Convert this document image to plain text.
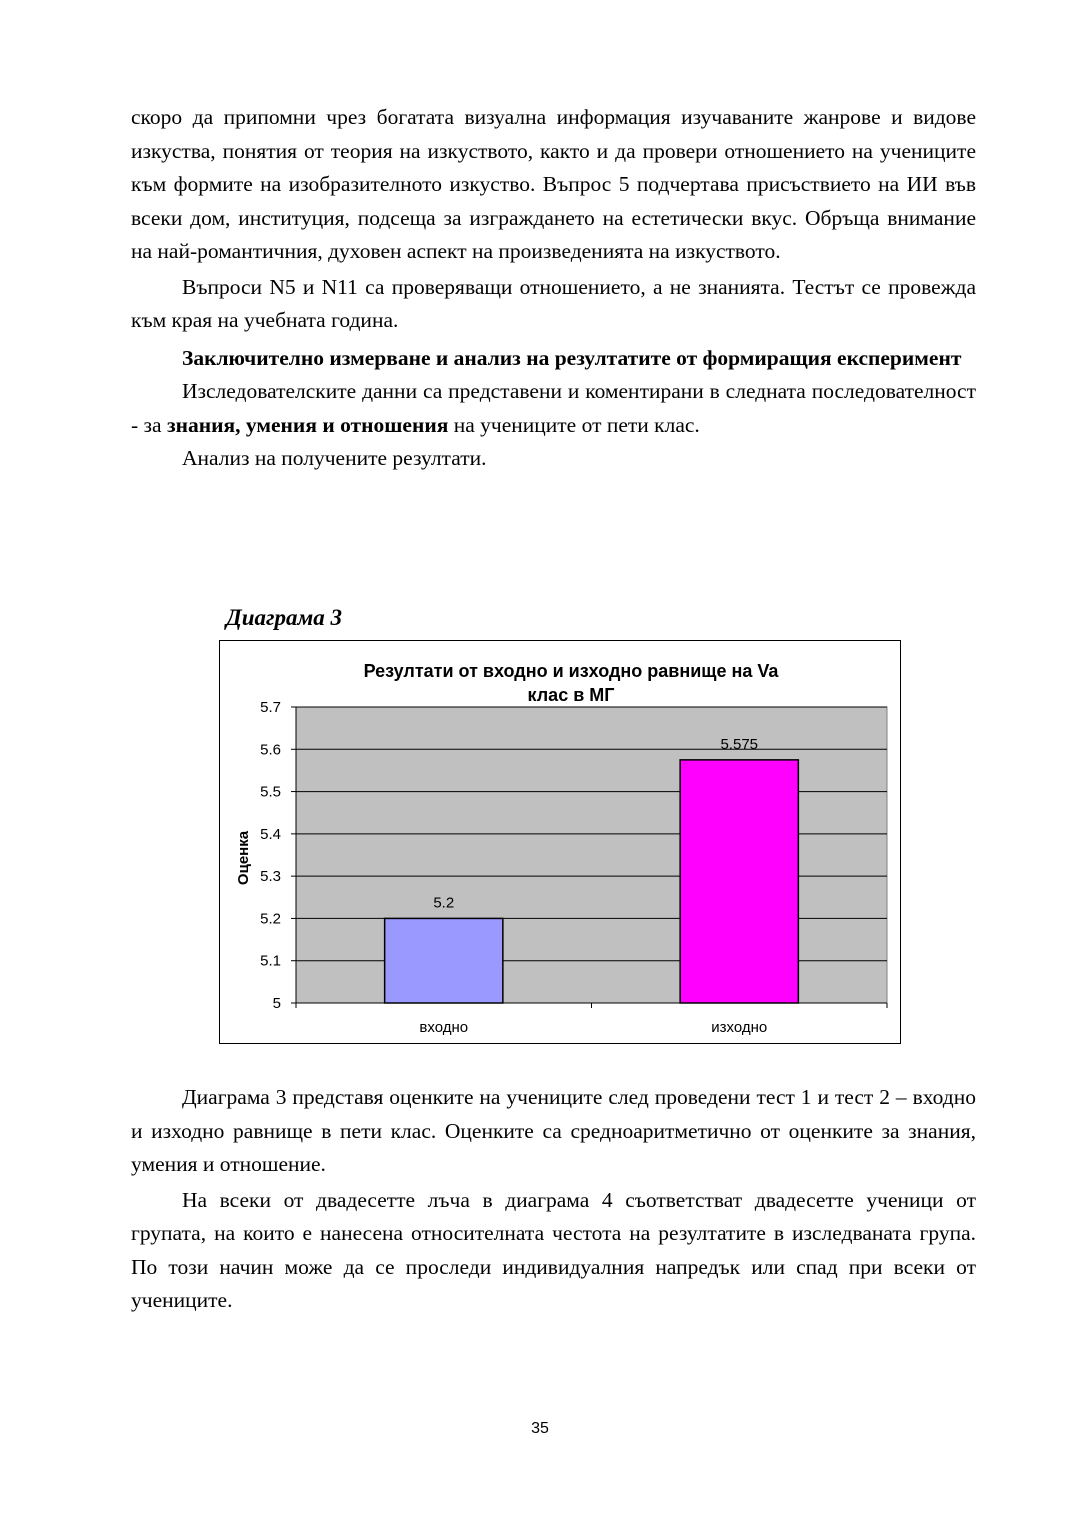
скоро да припомни чрез богатата визуална информация изучаваните жанрове и видове изкуства, понятия от теория на изкуството, както и да провери отношението на учениците към формите на изобразителното изкуство. Въпрос 5 подчертава присъствието на ИИ във всеки дом, институция, подсеща за изграждането на естетически вкус. Обръща внимание на най-романтичния, духовен аспект на произведенията на изкуството.

Въпроси N5 и N11 са проверяващи отношението, а не знанията. Тестът се провежда към края на учебната година.

Заключително измерване и анализ на резултатите от формиращия експеримент

Изследователските данни са представени и коментирани в следната последователност - за знания, умения и отношения на учениците от пети клас.

Анализ на получените резултати.

Диаграма 3

Резултати от входно и изходно равнище на Va
клас в МГ
5
5.1
5.2
5.3
5.4
5.5
5.6
5.7
5.2
входно
5.575
изходно
Оценка

Диаграма 3 представя оценките на учениците след проведени тест 1 и тест 2 – входно и изходно равнище в пети клас. Оценките са средноаритметично от оценките за знания, умения и отношение.

На всеки от двадесетте лъча в диаграма 4 съответстват двадесетте ученици от групата, на които е нанесена относителната честота на резултатите в изследваната група. По този начин може да се проследи индивидуалния напредък или спад при всеки от учениците.

35
